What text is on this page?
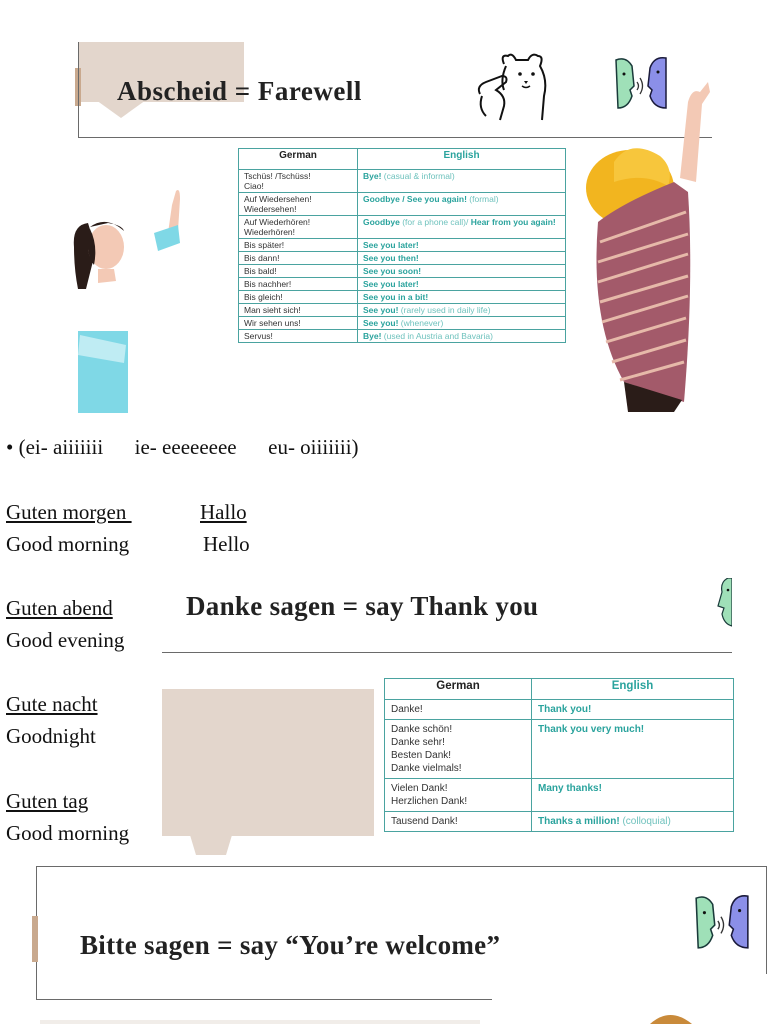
Abscheid = Farewell
German	English
Tschüs! /Tschüss!
Ciao!	Bye! (casual & informal)
Auf Wiedersehen!
Wiedersehen!	Goodbye / See you again! (formal)
Auf Wiederhören!
Wiederhören!	Goodbye (for a phone call)/ Hear from you again!
Bis später!	See you later!
Bis dann!	See you then!
Bis bald!	See you soon!
Bis nachher!	See you later!
Bis gleich!	See you in a bit!
Man sieht sich!	See you! (rarely used in daily life)
Wir sehen uns!	See you! (whenever)
Servus!	Bye! (used in Austria and Bavaria)
• (ei- aiiiiiii      ie- eeeeeeee      eu- oiiiiiii)
Guten morgen
Good morning
Hallo
Hello
Guten abend
Good evening
Gute nacht
Goodnight
Guten tag
Good morning
Danke sagen = say Thank you
German	English
Danke!	Thank you!
Danke schön!
Danke sehr!
Besten Dank!
Danke vielmals!	Thank you very much!
Vielen Dank!
Herzlichen Dank!	Many thanks!
Tausend Dank!	Thanks a million! (colloquial)
Bitte sagen = say “You’re welcome”
